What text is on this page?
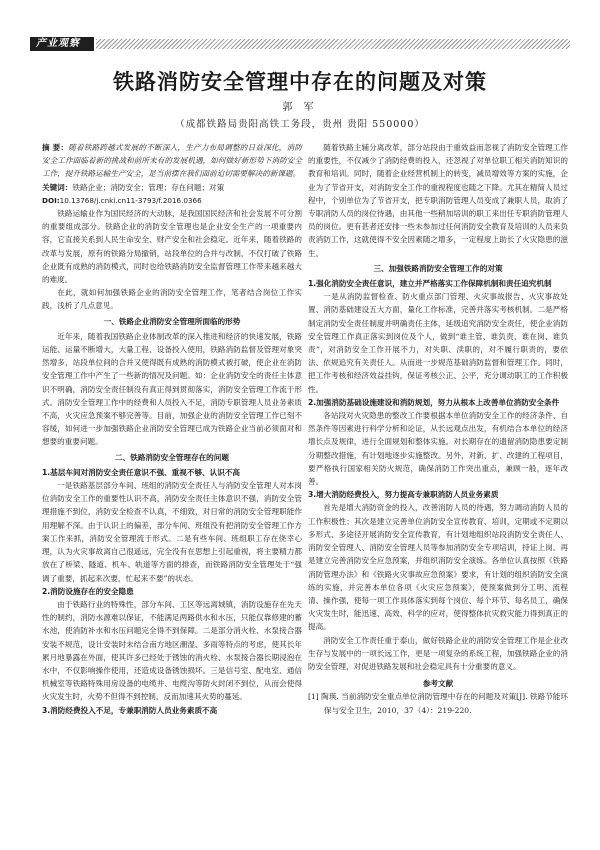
产业观察
铁路消防安全管理中存在的问题及对策
郭 军
（成都铁路局贵阳高铁工务段，贵州 贵阳 550000）

摘 要：随着铁路跨越式发展的不断深入，生产力布局调整的日益深化，消防安全工作面临着新的挑战和前所未有的发展机遇，如何做好新形势下消防安全工作，提升铁路运输生产安全，是当前摆在我们面前迫切需要解决的新课题。

关键词：铁路企业；消防安全；管理；存在问题；对策

DOI:10.13768/j.cnki.cn11-3793/f.2016.0366

铁路运输业作为国民经济的大动脉，是我国国民经济和社会发展不可分割的重要组成部分。铁路企业的消防安全管理也是企业安全生产的一项重要内容，它直接关系到人民生命安全、财产安全和社会稳定。近年来，随着铁路的改革与发展，原有的铁路分局撤销，站段单位的合并与改制，不仅打破了铁路企业既有成熟的消防模式，同时也给铁路消防安全监督管理工作带来越来越大的难度。

在此，就如何加强铁路企业的消防安全管理工作，笔者结合岗位工作实践，浅析了几点意见。

一、铁路企业消防安全管理所面临的形势

近年来，随着我国铁路企业体制改革的深入推进和经济的快速发展，铁路运能、运量不断增大，大量工程、设备投入使用，铁路消防监督及管理对象突然增多，站段单位间的合并又使得既有成熟的消防模式被打破，使企业在消防安全管理工作中产生了一些新的情况及问题。如：企业消防安全的责任主体意识不明确，消防安全责任制没有真正得到贯彻落实，消防安全管理工作流于形式。消防安全管理工作中的经费和人员投入不足，消防专职管理人员业务素质不高，火灾应急预案不够完善等。目前，加强企业的消防安全管理工作已刻不容缓，如何进一步加强铁路企业消防安全管理已成为铁路企业当前必须面对和想要的重要问题。

二、铁路消防安全管理存在的问题

1.基层车间对消防安全责任意识不强、重视不够、认识不高

一是铁路基层部分车间、班组的消防安全责任人与消防安全管理人对本岗位消防安全工作的重要性认识不高，消防安全责任主体意识不强，消防安全管理措施不到位，消防安全检查不认真，不细致，对日常的消防安全管理职能作用理解不深。由于认识上的偏差，部分车间、班组没有把消防安全管理工作方案工作来抓，消防安全管理流于形式。二是有些车间、班组职工存在侥幸心理，认为火灾事故离自己很遥远，完全没有在思想上引起重视，将主要精力都放在了桥梁、隧道、机车、轨道等方面的排查，而铁路消防安全管理处于“强调了重要，抓起来次要，忙起来不要”的状态。

2.消防设施存在的安全隐患

由于铁路行业的特殊性，部分车间、工区等远离城镇，消防设施存在先天性的制约，消防水源难以保证，不能满足两路供水和水压，只能仅靠修建的蓄水池，使消防补水和水压问题完全得不到保障。二是部分消火栓、水泵接合器安装不规范，设计安装时未结合南方地区潮湿、多雨等特点的考虑，使其长年累月地暴露在外面，使其许多已经处于锈蚀的消火栓、水泵接合器长期浸泡在水中，不仅影响操作使用，还造成设备锈蚀损坏。三是信号室、配电室、通信机械室等铁路特殊用房设备的电缆井、电缆沟等防火封闭不到位，从而会使得火灾发生时，火势不但得不到控制，反而加速其火势的蔓延。

3.消防经费投入不足，专兼职消防人员业务素质不高

随着铁路主辅分离改革，部分站段由于重效益而忽视了消防安全管理工作的重要性，不仅减少了消防经费的投入，还忽视了对单位职工相关消防知识的教育和培训。同时，随着企业经营机制上的转变，减员增效等方案的实施，企业为了节省开支，对消防安全工作的重视程度也随之下降。尤其在精简人员过程中，个别单位为了节省开支，把专职消防管理人员变成了兼职人员，取消了专职消防人员的岗位待遇，由其他一些稍加培训的职工来出任专职消防管理人员的岗位。更有甚者还安排一些未参加过任何消防安全教育及培训的人员来负责消防工作，这就使得不安全因素随之增多，一定程度上助长了火灾隐患的滋生。

三、加强铁路消防安全管理工作的对策

1.强化消防安全责任意识，建立并严格落实工作保障机制和责任追究机制

一是从消防监督检查、防火重点部门管理、火灾事故报告、火灾事故处置、消防基础建设五大方面，量化工作标准，完善并落实考核机制。二是严格制定消防安全责任制度并明确责任主体，延级追究消防安全责任，使企业消防安全管理工作真正落实到岗位及个人，做到“谁主管、谁负责，谁在岗、谁负责”，对消防安全工作开展不力，对失职、渎职的，对不履行职责的，要依法、依规追究有关责任人。从而进一步规范基础消防监督和管理工作。同时，把工作考核和经济效益挂钩，保证考核公正、公平，充分调动职工的工作积极性。

2.加强消防基础设施建设和消防规划，努力从根本上改善单位消防安全条件

各站段对火灾隐患的整改工作要根据本单位消防安全工作的经济条件、自然条件等因素进行科学分析和论证，从长远观点出发，有机结合本单位的经济增长点及规律，进行全面规划和整体实施。对长期存在的遗留消防隐患要定制分期整改措施，有计划地逐步实施整改。另外，对新、扩、改建的工程项目，要严格执行国家相关防火规范，确保消防工作突出重点，兼顾一般，逐年改善。

3.增大消防经费投入，努力提高专兼职消防人员业务素质

首先是增大消防资金的投入，改善消防人员的待遇，努力调动消防人员的工作积极性；其次是建立完善单位消防安全宣传教育、培训，定期或不定期以多形式、多途径开展消防安全宣传教育，有计划地组织站段消防安全责任人、消防安全管理人、消防安全管理人员等参加消防安全专项培训，持证上岗。再是建立完善消防安全应急预案，并组织消防安全演练。各单位认真按照《铁路消防管理办法》和《铁路火灾事故应急预案》要求，有计划的组织消防安全演练的实施，并完善本单位各项《火灾应急预案》，使预案做到分工明、流程清、操作强，使每一项工作具体落实到每个岗位、每个环节、每名员工，确保火灾发生时，能迅速、高效、科学的应对，使得整体抗灾救灾能力得到真正的提高。

消防安全工作责任重于泰山，做好铁路企业的消防安全管理工作是企业改生存与发展中的一项长远工作，更是一项复杂的系统工程，加强铁路企业的消防安全管理，对促进铁路发展和社会稳定具有十分重要的意义。

参考文献

[1] 陶瑛. 当前消防安全重点单位消防管理中存在的问题及对策[J]. 铁路节能环保与安全卫生，2010，37（4）：219-220.
